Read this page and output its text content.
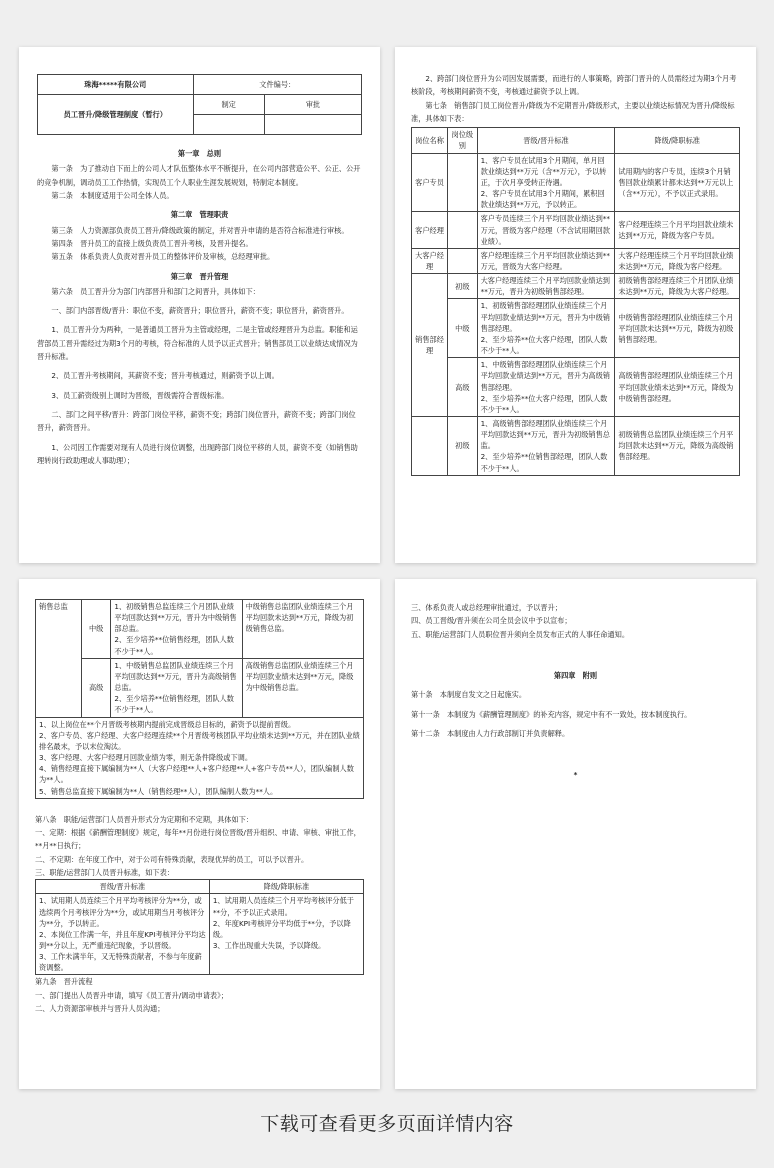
珠海*****有限公司	文件编号：	
员工晋升/降级管理制度（暂行）	制定	审批

第一章　总则

第一条　为了推动自下而上的公司人才队伍整体水平不断提升，在公司内部营造公平、公正、公开的竞争机制，调动员工工作热情，实现员工个人职业生涯发展规划，特制定本制度。

第二条　本制度适用于公司全体人员。

第二章　管理职责

第三条　人力资源部负责员工晋升/降级政策的制定，并对晋升申请的是否符合标准进行审核。

第四条　晋升员工的直接上级负责员工晋升考核，及晋升提名。

第五条　体系负责人负责对晋升员工的整体评价及审核，总经理审批。

第三章　晋升管理

第六条　员工晋升分为部门内部晋升和部门之间晋升，具体如下：

一、部门内部晋级/晋升：职位不变，薪资晋升；职位晋升，薪资不变；职位晋升，薪资晋升。

1、员工晋升分为两种，一是普通员工晋升为主管或经理，二是主管或经理晋升为总监。职能和运营部员工晋升需经过为期3个月的考核，符合标准的人员予以正式晋升；销售部员工以业绩达成情况为晋升标准。

2、员工晋升考核期间，其薪资不变；晋升考核通过，则薪资予以上调。

3、员工薪资级别上调时为晋级，晋级需符合晋级标准。

二、部门之间平移/晋升：跨部门岗位平移，薪资不变；跨部门岗位晋升，薪资不变；跨部门岗位晋升，薪资晋升。

1、公司因工作需要对现有人员进行岗位调整，出现跨部门岗位平移的人员，薪资不变（如销售助理转岗行政助理或人事助理）；

2、跨部门岗位晋升为公司因发展需要，而进行的人事策略，跨部门晋升的人员需经过为期3个月考核阶段，考核期间薪资不变，考核通过薪资予以上调。

第七条　销售部门员工岗位晋升/降级为不定期晋升/降级形式，主要以业绩达标情况为晋升/降级标准，具体如下表：

岗位名称	岗位级别	晋级/晋升标准	降级/降职标准
客户专员		1、客户专员在试用3个月期间，单月回款业绩达到**万元（含**万元），予以转正，于次月享受转正待遇。
2、客户专员在试用3个月期间，累积回款业绩达到**万元，予以转正。	试用期内的客户专员，连续3个月销售回款业绩累计都未达到**万元以上（含**万元），不予以正式录用。
客户经理		客户专员连续三个月平均回款业绩达到**万元，晋级为客户经理（不含试用期回款业绩）。	客户经理连续三个月平均回款业绩未达到**万元，降级为客户专员。
大客户经理		客户经理连续三个月平均回款业绩达到**万元，晋级为大客户经理。	大客户经理连续三个月平均回款业绩未达到**万元，降级为客户经理。
销售部经理	初级	大客户经理连续三个月平均回款业绩达到**万元，晋升为初级销售部经理。	初级销售部经理连续三个月团队业绩未达到**万元，降级为大客户经理。
	中级	1、初级销售部经理团队业绩连续三个月平均回款业绩达到**万元，晋升为中级销售部经理。
2、至少培养**位大客户经理，团队人数不少于**人。	中级销售部经理团队业绩连续三个月平均回款未达到**万元，降级为初级销售部经理。
	高级	1、中级销售部经理团队业绩连续三个月平均回款业绩达到**万元，晋升为高级销售部经理。
2、至少培养**位大客户经理，团队人数不少于**人。	高级销售部经理团队业绩连续三个月平均回款业绩未达到**万元，降级为中级销售部经理。
	初级	1、高级销售部经理团队业绩连续三个月平均回款达到**万元，晋升为初级销售总监。
2、至少培养**位销售部经理，团队人数不少于**人。	初级销售总监团队业绩连续三个月平均回款未达到**万元，降级为高级销售部经理。
销售总监	中级	1、初级销售总监连续三个月团队业绩平均回款达到**万元，晋升为中级销售部总监。
2、至少培养**位销售经理，团队人数不少于**人。	中级销售总监团队业绩连续三个月平均回款未达到**万元，降级为初级销售总监。
	高级	1、中级销售总监团队业绩连续三个月平均回款达到**万元，晋升为高级销售总监。
2、至少培养**位销售经理，团队人数不少于**人。	高级销售总监团队业绩连续三个月平均回款业绩未达到**万元，降级为中级销售总监。
1、以上岗位在**个月晋级考核期内提前完成晋级总目标的，薪资予以提前晋级。
2、客户专员、客户经理、大客户经理连续**个月晋级考核团队平均业绩未达到**万元，并在团队业绩排名最末，予以末位淘汰。
3、客户经理、大客户经理月回款业绩为零，则无条件降级或下调。
4、销售经理直接下属编制为**人（大客户经理**人+客户经理**人+客户专员**人），团队编制人数为**人。
5、销售总监直接下属编制为**人（销售经理**人），团队编制人数为**人。			

第八条　职能/运营部门人员晋升形式分为定期和不定期，具体如下：

一、定期：根据《薪酬管理制度》规定，每年**月份进行岗位晋级/晋升组织、申请、审核、审批工作，**月**日执行；

二、不定期：在年度工作中，对于公司有特殊贡献，表现优异的员工，可以予以晋升。

三、职能/运营部门人员晋升标准，如下表：

晋级/晋升标准	降级/降职标准
1、试用期人员连续三个月平均考核评分为**分，或选续两个月考核评分为**分，或试用期当月考核评分为**分，予以转正。
2、本岗位工作满一年，并且年度KPI考核评分平均达到**分以上，无严重违纪现象，予以晋级。
3、工作未满半年，又无特殊贡献者，不参与年度薪资调整。	1、试用期人员连续三个月平均考核评分低于**分，不予以正式录用。
2、年度KPI考核评分平均低于**分，予以降级。
3、工作出现重大失误，予以降级。

第九条　晋升流程

一、部门提出人员晋升申请，填写《员工晋升/调动申请表》；

二、人力资源部审核并与晋升人员沟通；

三、体系负责人或总经理审批通过，予以晋升；

四、员工晋级/晋升须在公司全员会议中予以宣布；

五、职能/运营部门人员职位晋升须向全员发布正式的人事任命通知。

第四章　附则

第十条　本制度自发文之日起施实。

第十一条　本制度为《薪酬管理制度》的补充内容，规定中有不一致处，按本制度执行。

第十二条　本制度由人力行政部制订并负责解释。

*

下载可查看更多页面详情内容
